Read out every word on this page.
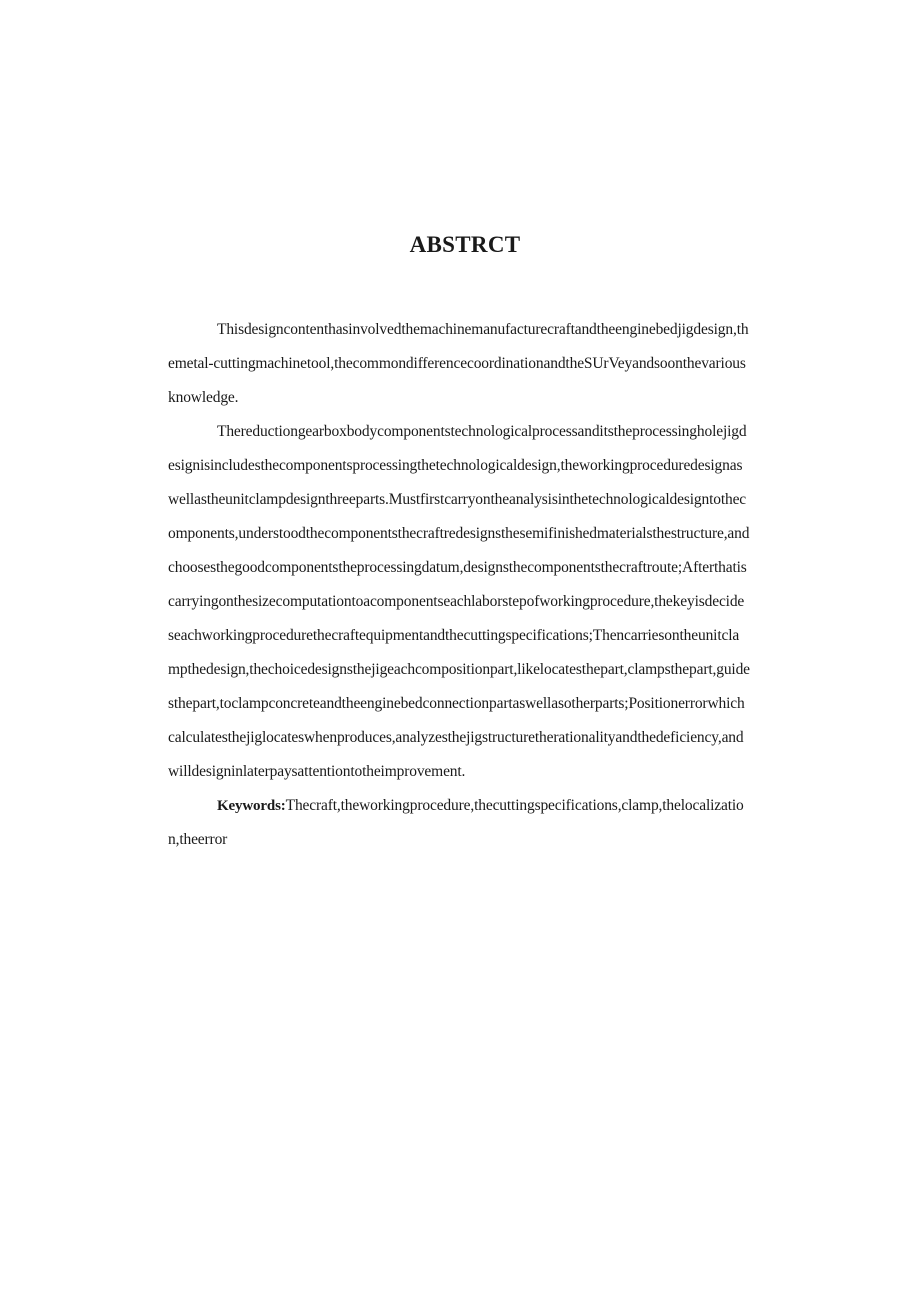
ABSTRCT

Thisdesigncontenthasinvolvedthemachinemanufacturecraftandtheenginebedjigdesign,themetal-cuttingmachinetool,thecommondifferencecoordinationandtheSUrVeyandsoonthevariousknowledge.

Thereductiongearboxbodycomponentstechnologicalprocessanditstheprocessingholejigdesignisincludesthecomponentsprocessingthetechnologicaldesign,theworkingproceduredesignaswellastheunitclampdesignthreeparts.Mustfirstcarryontheanalysisinthetechnologicaldesigntothecomponents,understoodthecomponentsthecraftredesignsthesemifinishedmaterialsthestructure,andchoosesthegoodcomponentstheprocessingdatum,designsthecomponentsthecraftroute;Afterthatiscarryingonthesizecomputationtoacomponentseachlaborstepofworkingprocedure,thekeyisdecideseachworkingprocedurethecraftequipmentandthecuttingspecifications;Thencarriesontheunitclampthedesign,thechoicedesignsthejigeachcompositionpart,likelocatesthepart,clampsthepart,guidesthepart,toclampconcreteandtheenginebedconnectionpartaswellasotherparts;Positionerrorwhichcalculatesthejiglocateswhenproduces,analyzesthejigstructuretherationalityandthedeficiency,andwilldesigninlaterpaysattentiontotheimprovement.

Keywords:Thecraft,theworkingprocedure,thecuttingspecifications,clamp,thelocalization,theerror
